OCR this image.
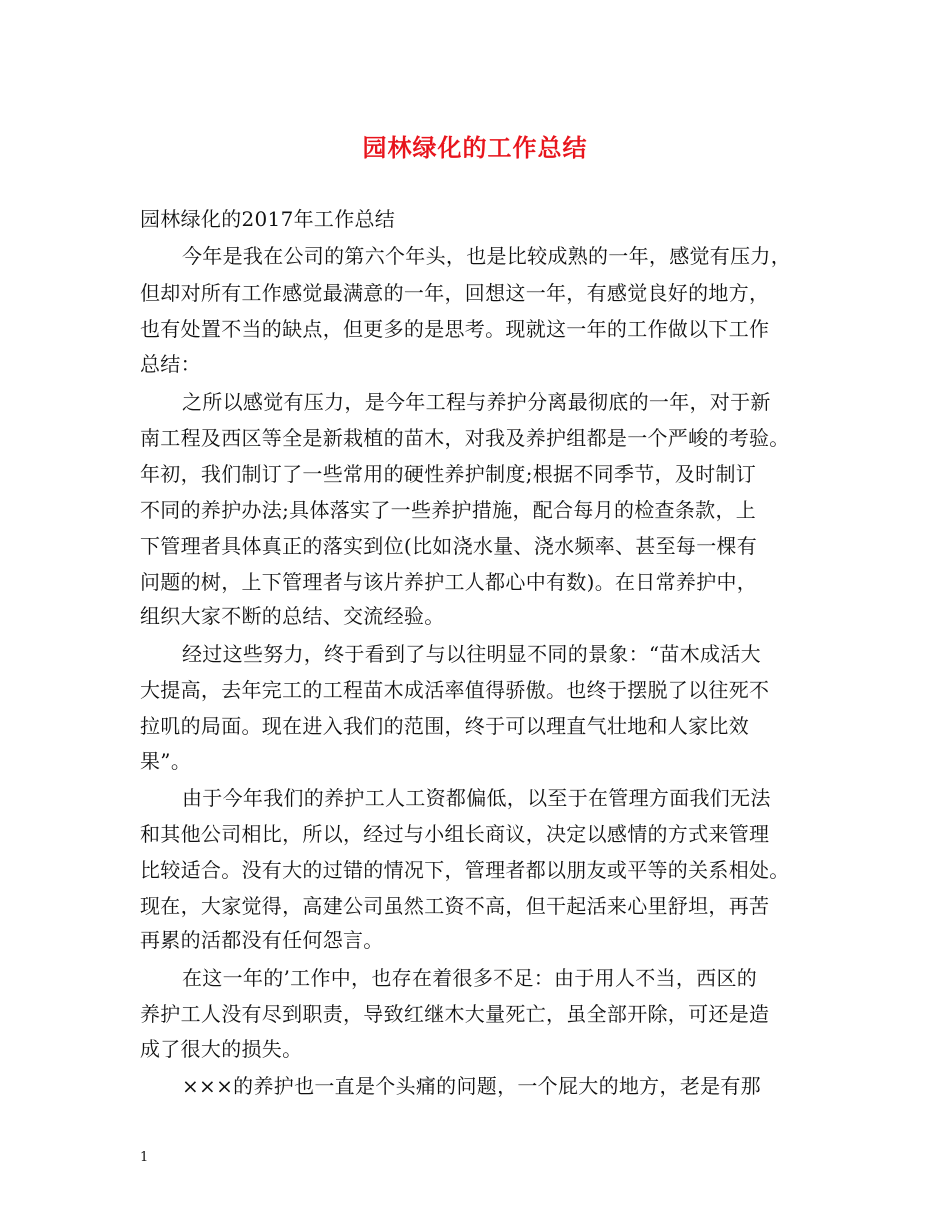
园林绿化的工作总结
园林绿化的2017年工作总结
今年是我在公司的第六个年头，也是比较成熟的一年，感觉有压力，
但却对所有工作感觉最满意的一年，回想这一年，有感觉良好的地方，
也有处置不当的缺点，但更多的是思考。现就这一年的工作做以下工作
总结：
之所以感觉有压力，是今年工程与养护分离最彻底的一年，对于新
南工程及西区等全是新栽植的苗木，对我及养护组都是一个严峻的考验。
年初，我们制订了一些常用的硬性养护制度;根据不同季节，及时制订
不同的养护办法;具体落实了一些养护措施，配合每月的检查条款，上
下管理者具体真正的落实到位(比如浇水量、浇水频率、甚至每一棵有
问题的树，上下管理者与该片养护工人都心中有数)。在日常养护中，
组织大家不断的总结、交流经验。
经过这些努力，终于看到了与以往明显不同的景象：“苗木成活大
大提高，去年完工的工程苗木成活率值得骄傲。也终于摆脱了以往死不
拉叽的局面。现在进入我们的范围，终于可以理直气壮地和人家比效
果”。
由于今年我们的养护工人工资都偏低，以至于在管理方面我们无法
和其他公司相比，所以，经过与小组长商议，决定以感情的方式来管理
比较适合。没有大的过错的情况下，管理者都以朋友或平等的关系相处。
现在，大家觉得，高建公司虽然工资不高，但干起活来心里舒坦，再苦
再累的活都没有任何怨言。
在这一年的’工作中，也存在着很多不足：由于用人不当，西区的
养护工人没有尽到职责，导致红继木大量死亡，虽全部开除，可还是造
成了很大的损失。
×××的养护也一直是个头痛的问题，一个屁大的地方，老是有那
1
